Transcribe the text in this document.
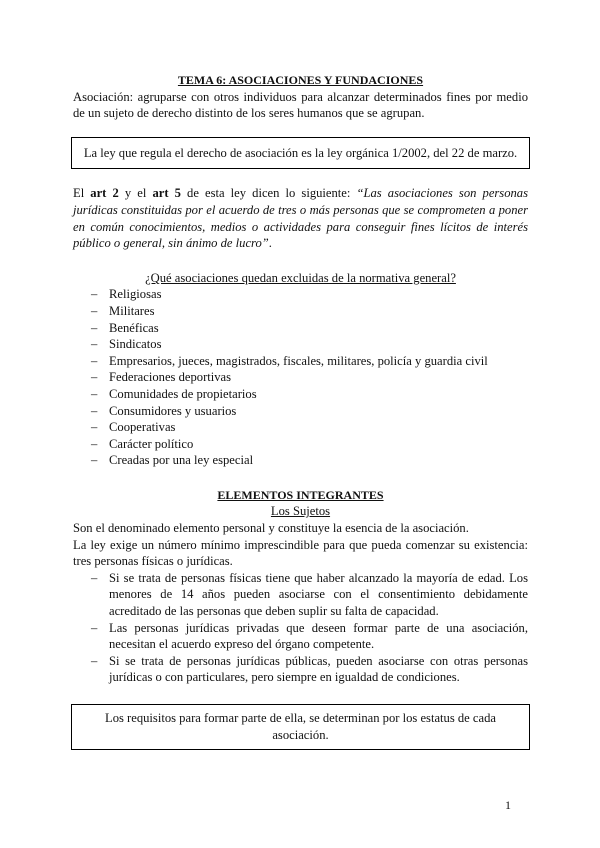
TEMA 6: ASOCIACIONES Y FUNDACIONES

Asociación: agruparse con otros individuos para alcanzar determinados fines por medio de un sujeto de derecho distinto de los seres humanos que se agrupan.

La ley que regula el derecho de asociación es la ley orgánica 1/2002, del 22 de marzo.

El art 2 y el art 5 de esta ley dicen lo siguiente: “Las asociaciones son personas jurídicas constituidas por el acuerdo de tres o más personas que se comprometen a poner en común conocimientos, medios o actividades para conseguir fines lícitos de interés público o general, sin ánimo de lucro”.

¿Qué asociaciones quedan excluidas de la normativa general?

– Religiosas
– Militares
– Benéficas
– Sindicatos
– Empresarios, jueces, magistrados, fiscales, militares, policía y guardia civil
– Federaciones deportivas
– Comunidades de propietarios
– Consumidores y usuarios
– Cooperativas
– Carácter político
– Creadas por una ley especial

ELEMENTOS INTEGRANTES

Los Sujetos

Son el denominado elemento personal y constituye la esencia de la asociación.

La ley exige un número mínimo imprescindible para que pueda comenzar su existencia: tres personas físicas o jurídicas.

– Si se trata de personas físicas tiene que haber alcanzado la mayoría de edad. Los menores de 14 años pueden asociarse con el consentimiento debidamente acreditado de las personas que deben suplir su falta de capacidad.
– Las personas jurídicas privadas que deseen formar parte de una asociación, necesitan el acuerdo expreso del órgano competente.
– Si se trata de personas jurídicas públicas, pueden asociarse con otras personas jurídicas o con particulares, pero siempre en igualdad de condiciones.
Los requisitos para formar parte de ella, se determinan por los estatus de cada asociación.
1
